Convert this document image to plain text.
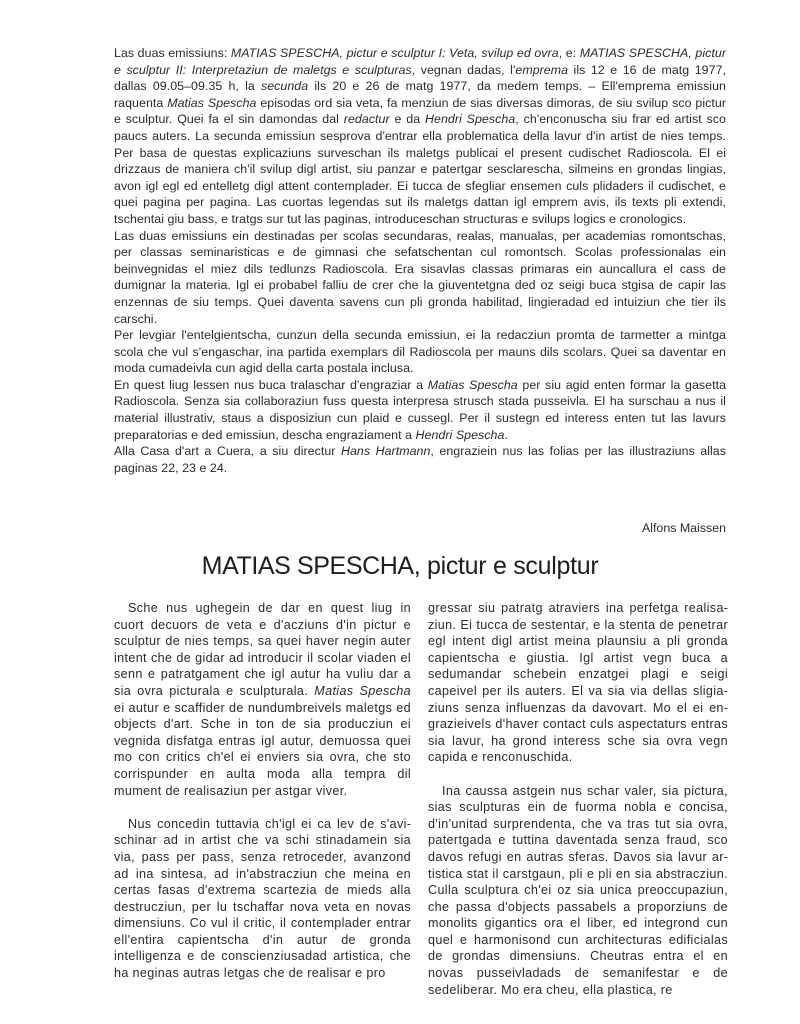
Las duas emissiuns: MATIAS SPESCHA, pictur e sculptur I: Veta, svilup ed ovra, e: MATIAS SPESCHA, pictur e sculptur II: Interpretaziun de maletgs e sculpturas, vegnan dadas, l'emprema ils 12 e 16 de matg 1977, dallas 09.05–09.35 h, la secunda ils 20 e 26 de matg 1977, da medem temps. – Ell'emprema emissiun raquenta Matias Spescha episodas ord sia veta, fa menziun de sias diversas dimoras, de siu svilup sco pictur e sculptur. Quei fa el sin damondas dal redactur e da Hendri Spescha, ch'enconuscha siu frar ed artist sco paucs auters. La secunda emissiun sesprova d'entrar ella problematica della lavur d'in artist de nies temps. Per basa de questas explicaziuns surveschan ils maletgs publicai el present cudischet Radioscola. El ei drizzaus de maniera ch'il svilup digl artist, siu panzar e patertgar sesclarescha, silmeins en grondas lingias, avon igl egl ed entelletg digl attent contemplader. Ei tucca de sfegliar ensemen culs plidaders il cudischet, e quei pagina per pagina. Las cuortas legendas sut ils maletgs dattan igl emprem avis, ils texts pli extendi, tschentai giu bass, e tratgs sur tut las paginas, introduceschan structuras e svilups logics e cronologics.

Las duas emissiuns ein destinadas per scolas secundaras, realas, manualas, per academias romontschas, per classas seminaristicas e de gimnasi che sefatschentan cul romontsch. Scolas professionalas ein beinvegnidas el miez dils tedlunzs Radioscola. Era sisavlas classas primaras ein auncallura el cass de dumignar la materia. Igl ei probabel falliu de crer che la giuventetgna ded oz seigi buca stgisa de capir las enzennas de siu temps. Quei daventa savens cun pli gronda habilitad, lingieradad ed intuiziun che tier ils carschi.

Per levgiar l'entelgientscha, cunzun della secunda emissiun, ei la redacziun promta de tarmetter a mintga scola che vul s'engaschar, ina partida exemplars dil Radioscola per mauns dils scolars. Quei sa daventar en moda cumadeivla cun agid della carta postala inclusa.

En quest liug lessen nus buca tralaschar d'engraziar a Matias Spescha per siu agid enten formar la gasetta Radioscola. Senza sia collaboraziun fuss questa interpresa strusch stada pusseivla. El ha surschau a nus il material illustrativ, staus a disposiziun cun plaid e cussegl. Per il sustegn ed interess enten tut las lavurs preparatorias e ded emissiun, descha engraziament a Hendri Spescha.

Alla Casa d'art a Cuera, a siu directur Hans Hartmann, engraziein nus las folias per las illustraziuns allas paginas 22, 23 e 24.

Alfons Maissen
MATIAS SPESCHA, pictur e sculptur

Sche nus ughegein de dar en quest liug in cuort decuors de veta e d'acziuns d'in pictur e sculptur de nies temps, sa quei haver negin auter intent che de gidar ad introducir il scolar viaden el senn e patratgament che igl autur ha vuliu dar a sia ovra picturala e sculpturala. Matias Spescha ei autur e scaffider de nundumbreivels maletgs ed objects d'art. Sche in ton de sia producziun ei vegnida disfatga entras igl autur, demuossa quei mo con critics ch'el ei enviers sia ovra, che sto corrispunder en aulta moda alla tempra dil mument de realisaziun per astgar viver.

Nus concedin tuttavia ch'igl ei ca lev de s'avischinar ad in artist che va schi stinadamein sia via, pass per pass, senza retroceder, avanzond ad ina sintesa, ad in'abstracziun che meina en certas fasas d'extrema scartezia de mieds alla destrucziun, per lu tschaffar nova veta en novas dimensiuns. Co vul il critic, il contemplader entrar ell'entira capientscha d'in autur de gronda intelligenza e de conscienziusadad artistica, che ha neginas autras letgas che de realisar e pro

gressar siu patratg atraviers ina perfetga realisaziun. Ei tucca de sestentar, e la stenta de penetrar egl intent digl artist meina plaunsiu a pli gronda capientscha e giustia. Igl artist vegn buca a sedumandar schebein enzatgei plagi e seigi capeivel per ils auters. El va sia via dellas sligiaziuns senza influenzas da davovart. Mo el ei engrazieivels d'haver contact culs aspectaturs entras sia lavur, ha grond interess sche sia ovra vegn capida e renconuschida.

Ina caussa astgein nus schar valer, sia pictura, sias sculpturas ein de fuorma nobla e concisa, d'in'unitad surprendenta, che va tras tut sia ovra, patertgada e tuttina daventada senza fraud, sco davos refugi en autras sferas. Davos sia lavur artistica stat il carstgaun, pli e pli en sia abstracziun. Culla sculptura ch'ei oz sia unica preoccupaziun, che passa d'objects passabels a proporziuns de monolits gigantics ora el liber, ed integrond cun quel e harmonisond cun architecturas edificialas de grondas dimensiuns. Cheutras entra el en novas pusseivladads de semanifestar e de sedeliberar. Mo era cheu, ella plastica, re
